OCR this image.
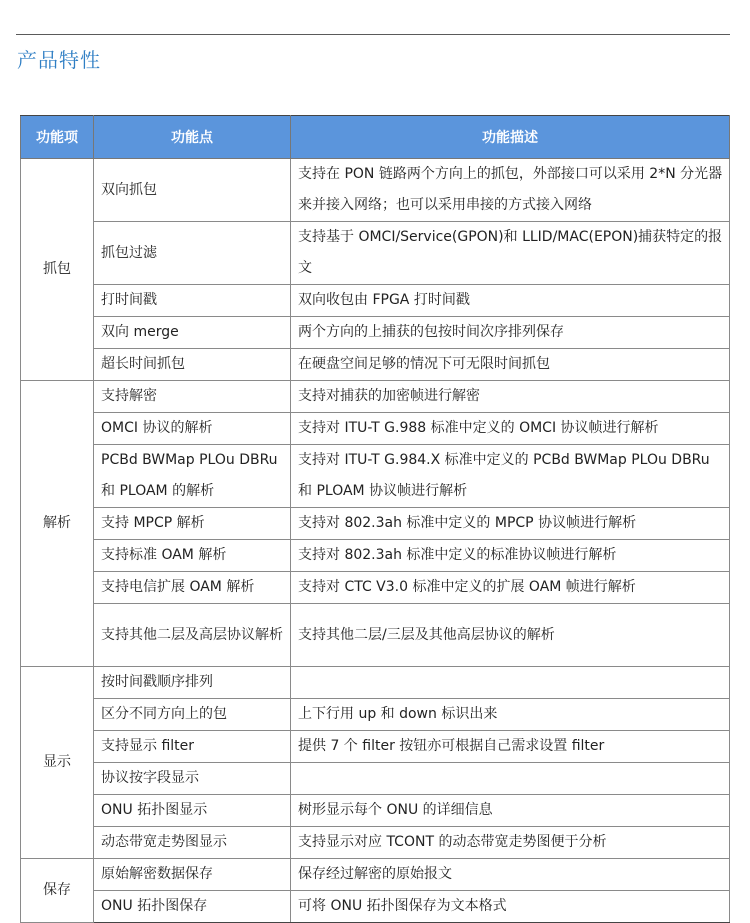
产品特性
功能项	功能点	功能描述
抓包	双向抓包	支持在 PON 链路两个方向上的抓包，外部接口可以采用 2*N 分光器来并接入网络；也可以采用串接的方式接入网络
	抓包过滤	支持基于 OMCI/Service(GPON)和 LLID/MAC(EPON)捕获特定的报文
	打时间戳	双向收包由 FPGA 打时间戳
	双向 merge	两个方向的上捕获的包按时间次序排列保存
	超长时间抓包	在硬盘空间足够的情况下可无限时间抓包
解析	支持解密	支持对捕获的加密帧进行解密
	OMCI 协议的解析	支持对 ITU-T G.988 标准中定义的 OMCI 协议帧进行解析
	PCBd BWMap PLOu DBRu 和 PLOAM 的解析	支持对 ITU-T G.984.X 标准中定义的 PCBd BWMap PLOu DBRu 和 PLOAM 协议帧进行解析
	支持 MPCP 解析	支持对 802.3ah 标准中定义的 MPCP 协议帧进行解析
	支持标准 OAM 解析	支持对 802.3ah 标准中定义的标准协议帧进行解析
	支持电信扩展 OAM 解析	支持对 CTC V3.0 标准中定义的扩展 OAM 帧进行解析
	支持其他二层及高层协议解析	支持其他二层/三层及其他高层协议的解析
显示	按时间戳顺序排列	
	区分不同方向上的包	上下行用 up 和 down 标识出来
	支持显示 filter	提供 7 个 filter 按钮亦可根据自己需求设置 filter
	协议按字段显示	
	ONU 拓扑图显示	树形显示每个 ONU 的详细信息
	动态带宽走势图显示	支持显示对应 TCONT 的动态带宽走势图便于分析
保存	原始解密数据保存	保存经过解密的原始报文
	ONU 拓扑图保存	可将 ONU 拓扑图保存为文本格式
